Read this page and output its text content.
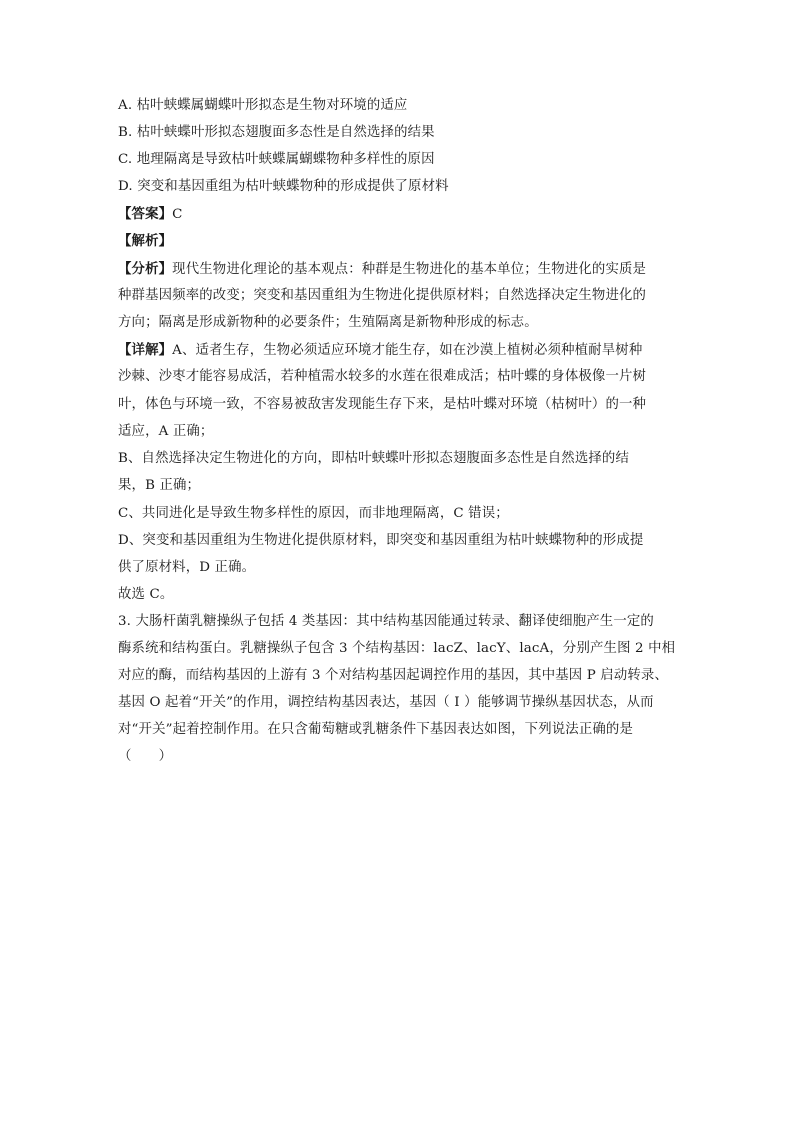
A. 枯叶蛱蝶属蝴蝶叶形拟态是生物对环境的适应
B. 枯叶蛱蝶叶形拟态翅腹面多态性是自然选择的结果
C. 地理隔离是导致枯叶蛱蝶属蝴蝶物种多样性的原因
D. 突变和基因重组为枯叶蛱蝶物种的形成提供了原材料
【答案】C
【解析】
【分析】现代生物进化理论的基本观点：种群是生物进化的基本单位；生物进化的实质是
种群基因频率的改变；突变和基因重组为生物进化提供原材料；自然选择决定生物进化的
方向；隔离是形成新物种的必要条件；生殖隔离是新物种形成的标志。
【详解】A、适者生存，生物必须适应环境才能生存，如在沙漠上植树必须种植耐旱树种
沙棘、沙枣才能容易成活，若种植需水较多的水莲在很难成活；枯叶蝶的身体极像一片树
叶，体色与环境一致，不容易被敌害发现能生存下来，是枯叶蝶对环境（枯树叶）的一种
适应，A 正确；
B、自然选择决定生物进化的方向，即枯叶蛱蝶叶形拟态翅腹面多态性是自然选择的结
果，B 正确；
C、共同进化是导致生物多样性的原因，而非地理隔离，C 错误；
D、突变和基因重组为生物进化提供原材料，即突变和基因重组为枯叶蛱蝶物种的形成提
供了原材料，D 正确。
故选 C。
3. 大肠杆菌乳糖操纵子包括 4 类基因：其中结构基因能通过转录、翻译使细胞产生一定的
酶系统和结构蛋白。乳糖操纵子包含 3 个结构基因：lacZ、lacY、lacA，分别产生图 2 中相
对应的酶，而结构基因的上游有 3 个对结构基因起调控作用的基因，其中基因 P 启动转录、
基因 O 起着“开关”的作用，调控结构基因表达，基因（ I ）能够调节操纵基因状态，从而
对“开关”起着控制作用。在只含葡萄糖或乳糖条件下基因表达如图，下列说法正确的是
（　　）
